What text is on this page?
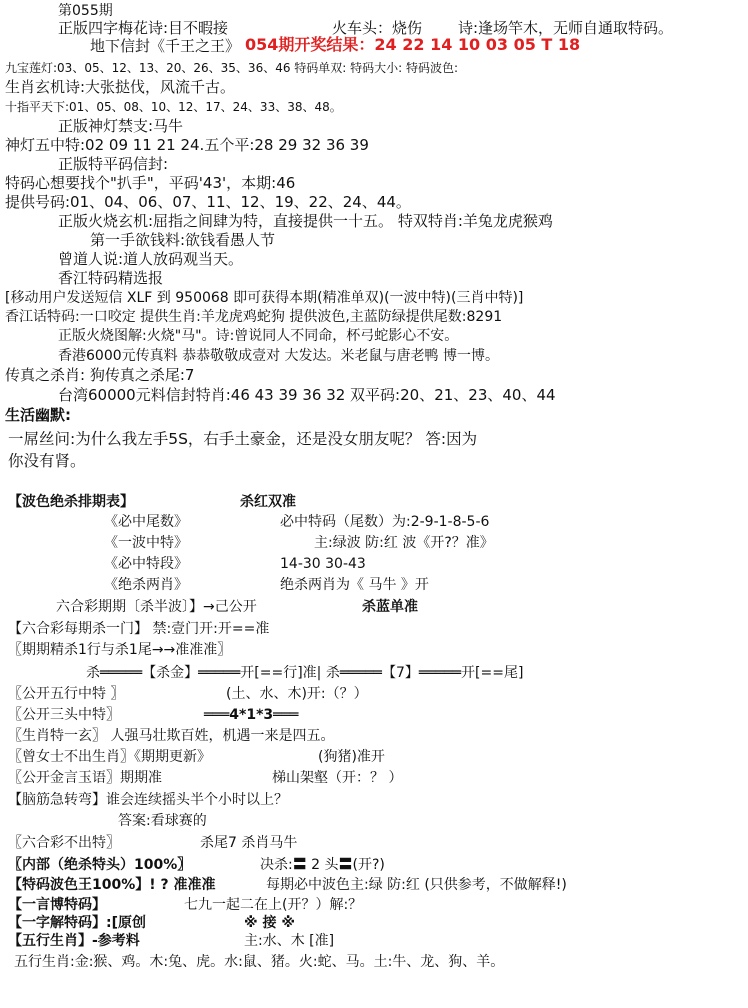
第055期
正版四字梅花诗:目不暇接	火车头：烧伤 诗:逢场竿木，无师自通取特码。
地下信封《千王之王》 054期开奖结果：24 22 14 10 03 05 T 18
九宝莲灯:03、05、12、13、20、26、35、36、46 特码单双: 特码大小: 特码波色:
生肖玄机诗:大张挞伐，风流千古。
十指平天下:01、05、08、10、12、17、24、33、38、48。
正版神灯禁支:马牛
神灯五中特:02 09 11 21 24.五个平:28 29 32 36 39
正版特平码信封:
特码心想要找个"扒手"，平码'43'，本期:46
提供号码:01、04、06、07、11、12、19、22、24、44。
正版火烧玄机:屈指之间肆为特，直接提供一十五。 特双特肖:羊兔龙虎猴鸡
第一手欲钱料:欲钱看愚人节
曾道人说:道人放码观当天。
香江特码精选报
[移动用户发送短信 XLF 到 950068 即可获得本期(精准单双)(一波中特)(三肖中特)]
香江话特码:一口咬定 提供生肖:羊龙虎鸡蛇狗 提供波色,主蓝防绿提供尾数:8291
正版火烧图解:火烧"马"。诗:曾说同人不同命，杯弓蛇影心不安。
香港6000元传真料 恭恭敬敬成壹对 大发达。米老鼠与唐老鸭 博一博。
传真之杀肖: 狗传真之杀尾:7
台湾60000元料信封特肖:46 43 39 36 32 双平码:20、21、23、40、44
生活幽默:
一屌丝问:为什么我左手5S，右手土豪金，还是没女朋友呢？ 答:因为
你没有肾。
【波色绝杀排期表】	杀红双准
《必中尾数》	必中特码（尾数）为:2-9-1-8-5-6
《一波中特》	主:绿波 防:红 波《开?？准》
《必中特段》	14-30 30-43
《绝杀两肖》	绝杀两肖为《 马牛 》开
六合彩期期〔杀半波〕】→己公开	杀蓝单准
【六合彩每期杀一门】 禁:壹门开:开==准
〖期期精杀1行与杀1尾→→准准准〗
杀═════【杀金】═════开[==行]准| 杀═════【7】═════开[==尾]
〖公开五行中特 〗	(土、水、木)开:（？）
〖公开三头中特〗	═══4*1*3═══
〖生肖特一玄〗 人强马壮欺百姓，机遇一来是四五。
〖曾女士不出生肖〗《期期更新》	(狗猪)准开
〖公开金言玉语〗期期准	梯山架壑（开：？ ）
【脑筋急转弯】谁会连续摇头半个小时以上？
答案:看球赛的
〖六合彩不出特〗	杀尾7 杀肖马牛
〖内部（绝杀特头）100%〗	决杀:〓 2 头〓(开?)
【特码波色王100%】! ? 准准准	每期必中波色主:绿 防:红 (只供参考，不做解释!)
【一言博特码】	七九一起二在上(开？）解:？
【一字解特码】:[原创	※ 接 ※
【五行生肖】-参考料	主:水、木 [准]
五行生肖:金:猴、鸡。木:兔、虎。水:鼠、猪。火:蛇、马。土:牛、龙、狗、羊。
